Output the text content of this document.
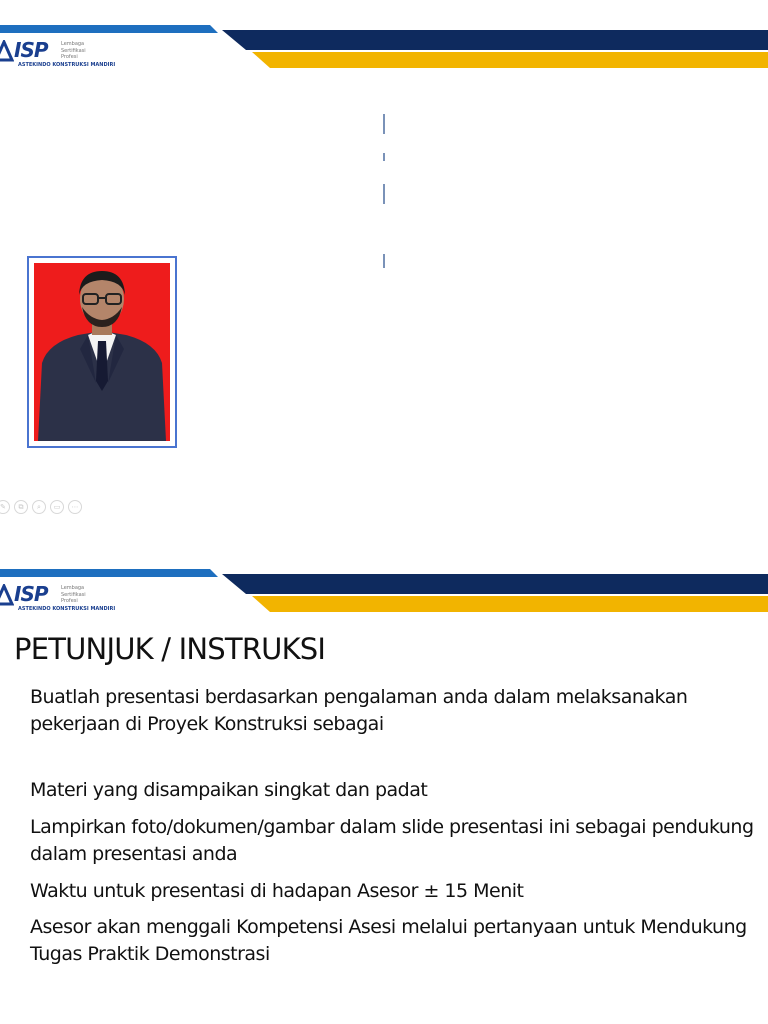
ISP	Lembaga
Sertifikasi
Profesi
ASTEKINDO KONSTRUKSI MANDIRI
✎	⧉	⌕	▭	⋯
ISP	Lembaga
Sertifikasi
Profesi
ASTEKINDO KONSTRUKSI MANDIRI
PETUNJUK / INSTRUKSI

Buatlah presentasi berdasarkan pengalaman anda dalam melaksanakan pekerjaan di Proyek Konstruksi sebagai

Materi yang disampaikan singkat dan padat

Lampirkan foto/dokumen/gambar dalam slide presentasi ini sebagai pendukung dalam presentasi anda

Waktu untuk presentasi di hadapan Asesor ± 15 Menit

Asesor akan menggali Kompetensi Asesi melalui pertanyaan untuk Mendukung Tugas Praktik Demonstrasi
